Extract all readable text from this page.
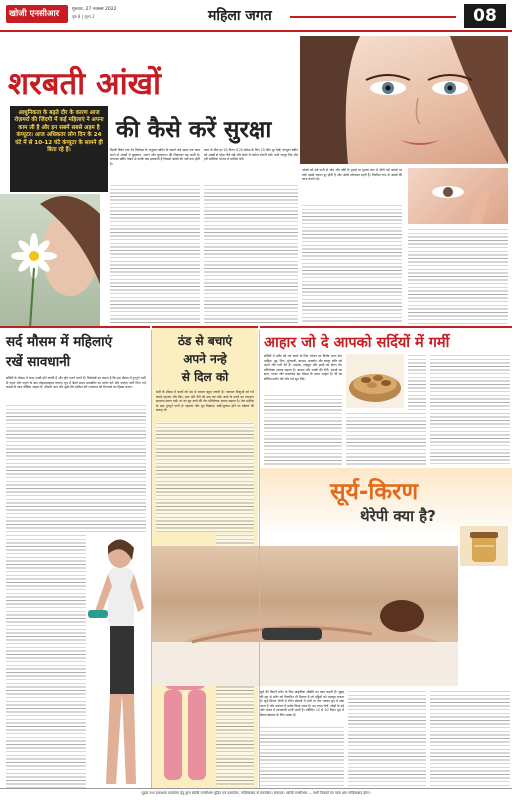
खोजी एनसीआर	गुरुवार, 27 नवम्बर 2022
पृष्ठ 8 | मूल्य 2	महिला जगत	08
शरबती आंखों
की कैसे करें सुरक्षा
आधुनिकता के बढ़ते दौर के कारण आज रोज़मर्रा की जिंदगी में कई महिलाएं ने अपना काम ली है और इन सबमें सबसे अहम है कंप्यूटर। आज अधिकतर लोग दिन के 24 घंटे में से 10-12 घंटे कंप्यूटर के सामने ही बिता रहे हैं।	दिल्ली स्थित एक नेत्र विशेषज्ञ के अनुसार स्क्रीन के सामने लंबे समय तक काम करने से आंखों में सूखापन, जलन और धुंधलापन की शिकायत बढ़ जाती है। लगातार स्क्रीन देखने से पलकें कम झपकती हैं जिससे आंखों की नमी कम होती है।
काम के बीच हर 20 मिनट में 20 सेकंड के लिए 20 फीट दूर देखें। कंप्यूटर स्क्रीन को आंखों से थोड़ा नीचे रखें और कमरे में पर्याप्त रोशनी रखें। पानी भरपूर पिएं और हरी सब्जियां भोजन में शामिल करें।
आंखों को ठंडे पानी से धोएं और खीरे के टुकड़े या गुलाब जल में भीगी रुई आंखों पर रखें। इससे थकान दूर होती है और आंखें तरोताज़ा रहती हैं। नियमित रूप से आंखों की जांच कराते रहें।
सर्द मौसम में महिलाएं
रखें सावधानी
सर्दियों के मौसम में त्वचा रूखी होने लगती है और होंठ फटने लगते हैं। विशेषज्ञों का कहना है कि इस मौसम में गुनगुने पानी से नहाएं और नहाने के बाद मॉइस्चराइज़र लगाएं। धूप में बैठते समय सनस्क्रीन का प्रयोग करें और पर्याप्त पानी पिएं। गर्म कपड़ों के साथ पौष्टिक आहार लें, मौसमी फल और सूखे मेवे शामिल करें। व्यायाम को दिनचर्या का हिस्सा बनाएं।
ठंड से बचाएं
अपने नन्हे
से दिल को
सर्दी के मौसम में बच्चों को ठंड से बचाना बहुत जरूरी है। नवजात शिशुओं को गर्म कपड़े पहनाएं और सिर, हाथ और पैरों को ढक कर रखें। बच्चे के कमरे का तापमान सामान्य बनाए रखें। मां का दूध बच्चे की रोग प्रतिरोधक क्षमता बढ़ाता है। तेल मालिश के बाद गुनगुने पानी से नहलाएं और धूप दिखाएं। सर्दी-जुकाम होने पर डॉक्टर की सलाह लें।
आहार जो दे आपको सर्दियों में गर्मी
सर्दियों में शरीर को गर्म रखने के लिए भोजन पर विशेष ध्यान देना चाहिए। गुड़, तिल, मूंगफली, बादाम, अखरोट और खजूर शरीर को ऊर्जा और गर्मी देते हैं। अदरक, लहसुन और हल्दी का सेवन रोग प्रतिरोधक क्षमता बढ़ाता है। बाजरा और मक्के की रोटी, सरसों का साग, गाजर और शकरकंद इस मौसम के उत्तम आहार हैं। घी का सीमित प्रयोग करें और गर्म सूप पिएं।
सूर्य-किरण
थेरेपी क्या है?
सूर्य की किरणें शरीर के लिए प्राकृतिक औषधि का काम करती हैं। सुबह की धूप से शरीर को विटामिन डी मिलता है जो हड्डियों को मज़बूत बनाता है। सूर्य-किरण थेरेपी में रंगीन बोतलों में पानी या तेल भरकर धूप में रखा जाता है और उपचार में प्रयोग किया जाता है। यह त्वचा रोगों, जोड़ों के दर्द और तनाव में लाभकारी मानी जाती है। प्रतिदिन 15 से 20 मिनट धूप में बैठना स्वास्थ्य के लिए अच्छा है।
मुद्रक तथा प्रकाशक कार्यालय हेतु द्वारा खोजी एनसीआर मुद्रित एवं प्रकाशित, गाज़ियाबाद से प्रकाशित। संपादक: खोजी एनसीआर — सभी विवादों का न्याय क्षेत्र गाज़ियाबाद होगा।
